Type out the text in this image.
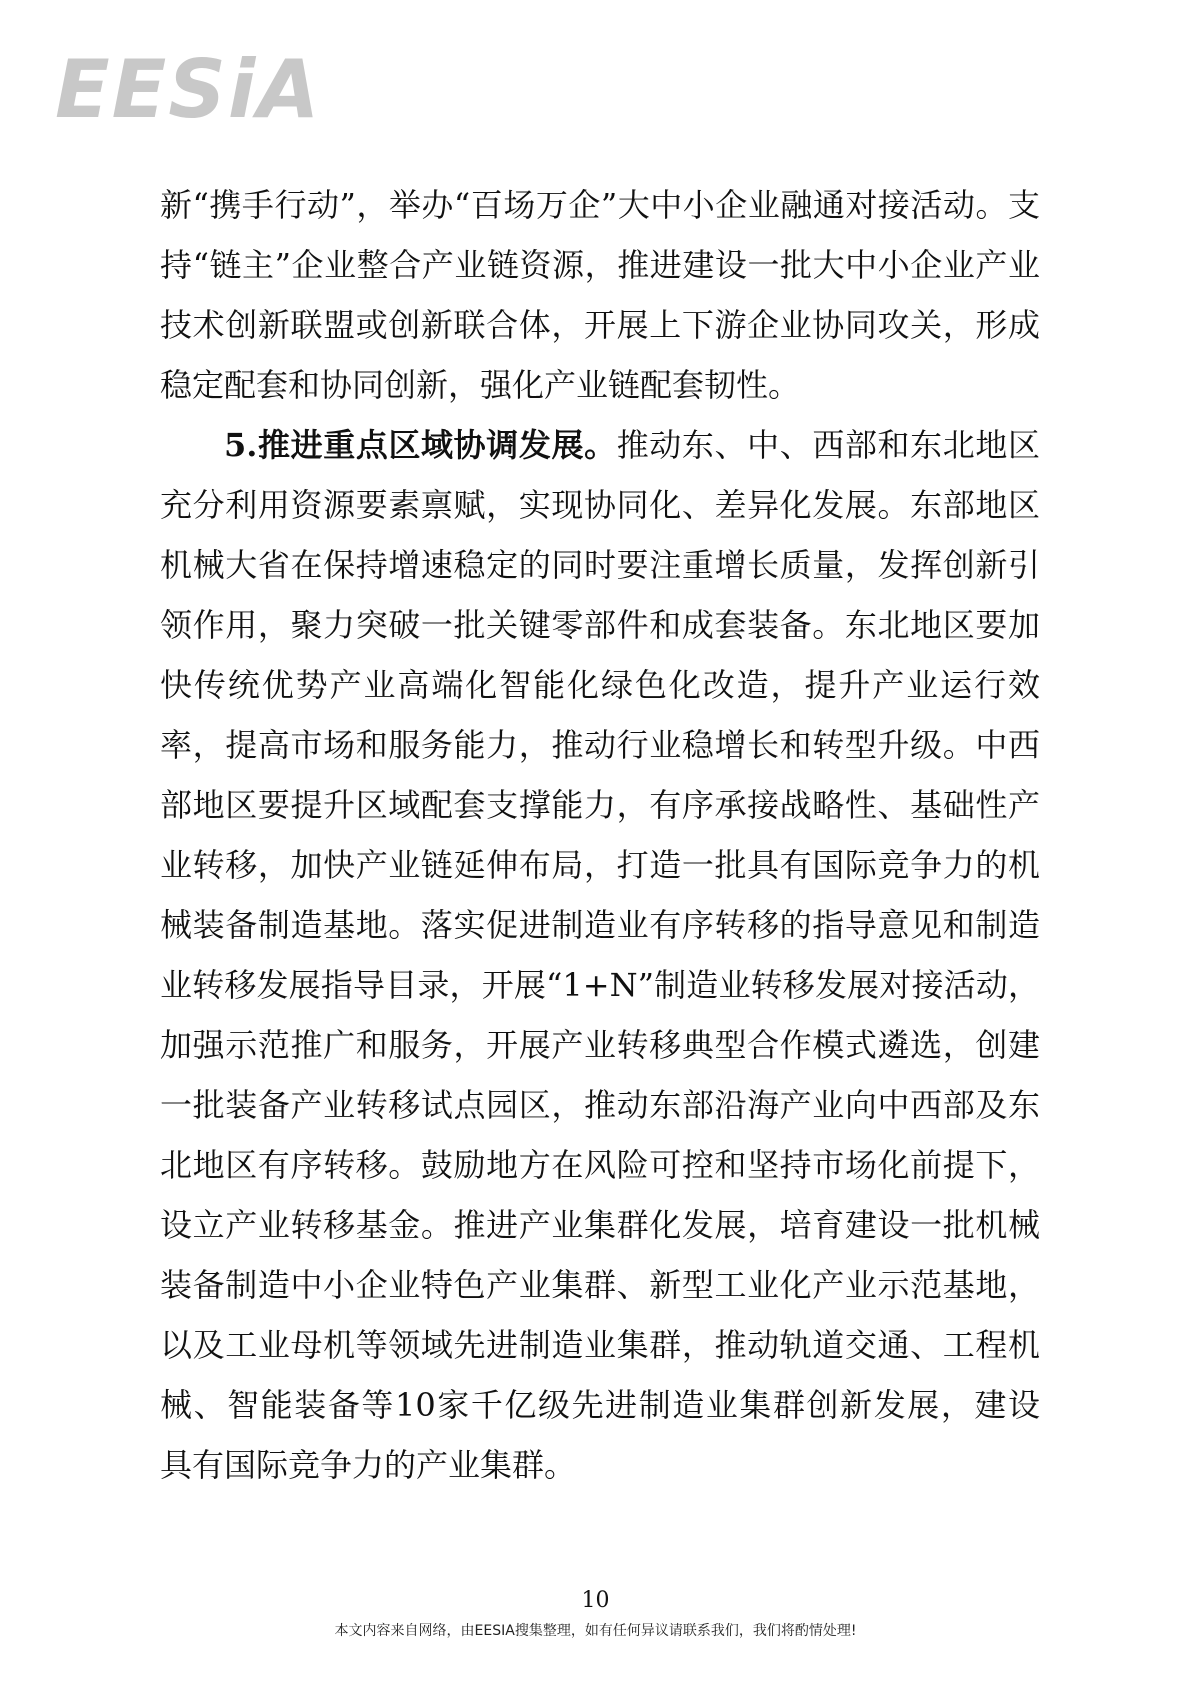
EESiA
新“携手行动”，举办“百场万企”大中小企业融通对接活动。支
持“链主”企业整合产业链资源，推进建设一批大中小企业产业
技术创新联盟或创新联合体，开展上下游企业协同攻关，形成
稳定配套和协同创新，强化产业链配套韧性。
5.推进重点区域协调发展。推动东、中、西部和东北地区
充分利用资源要素禀赋，实现协同化、差异化发展。东部地区
机械大省在保持增速稳定的同时要注重增长质量，发挥创新引
领作用，聚力突破一批关键零部件和成套装备。东北地区要加
快传统优势产业高端化智能化绿色化改造，提升产业运行效
率，提高市场和服务能力，推动行业稳增长和转型升级。中西
部地区要提升区域配套支撑能力，有序承接战略性、基础性产
业转移，加快产业链延伸布局，打造一批具有国际竞争力的机
械装备制造基地。落实促进制造业有序转移的指导意见和制造
业转移发展指导目录，开展“1+N”制造业转移发展对接活动，
加强示范推广和服务，开展产业转移典型合作模式遴选，创建
一批装备产业转移试点园区，推动东部沿海产业向中西部及东
北地区有序转移。鼓励地方在风险可控和坚持市场化前提下，
设立产业转移基金。推进产业集群化发展，培育建设一批机械
装备制造中小企业特色产业集群、新型工业化产业示范基地，
以及工业母机等领域先进制造业集群，推动轨道交通、工程机
械、智能装备等10家千亿级先进制造业集群创新发展，建设
具有国际竞争力的产业集群。
10
本文内容来自网络，由EESIA搜集整理，如有任何异议请联系我们，我们将酌情处理!
